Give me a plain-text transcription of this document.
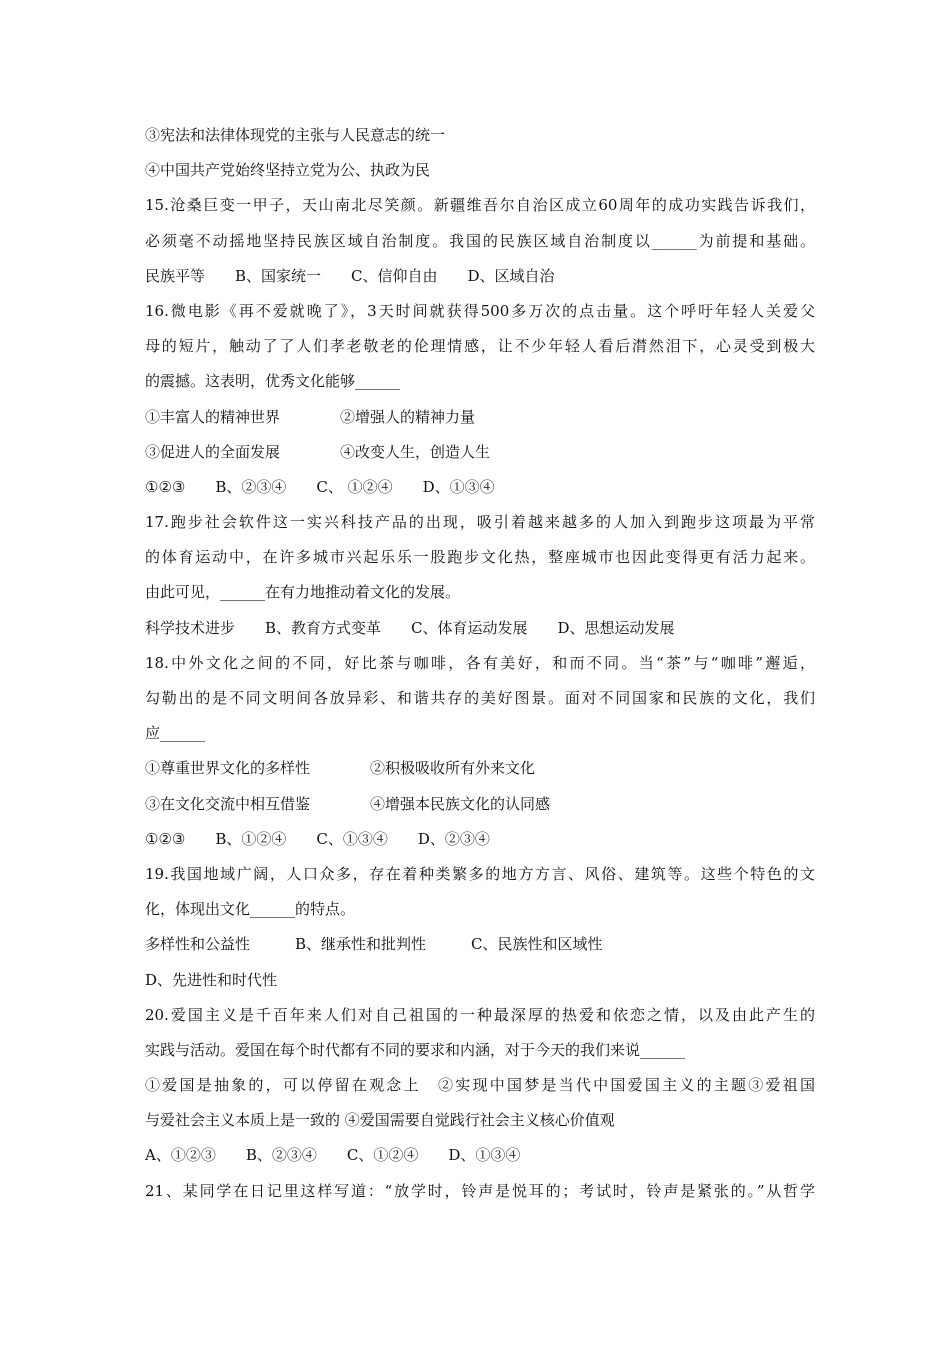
③宪法和法律体现党的主张与人民意志的统一
④中国共产党始终坚持立党为公、执政为民
15.沧桑巨变一甲子，天山南北尽笑颜。新疆维吾尔自治区成立60周年的成功实践告诉我们，
必须毫不动摇地坚持民族区域自治制度。我国的民族区域自治制度以______为前提和基础。
民族平等　　B、国家统一　　C、信仰自由　　D、区域自治
16.微电影《再不爱就晚了》，3天时间就获得500多万次的点击量。这个呼吁年轻人关爱父
母的短片，触动了了人们孝老敬老的伦理情感，让不少年轻人看后潸然泪下，心灵受到极大
的震撼。这表明，优秀文化能够______
①丰富人的精神世界　　　　②增强人的精神力量
③促进人的全面发展　　　　④改变人生，创造人生
①②③　　B、②③④　　C、 ①②④　　D、①③④
17.跑步社会软件这一实兴科技产品的出现，吸引着越来越多的人加入到跑步这项最为平常
的体育运动中，在许多城市兴起乐乐一股跑步文化热，整座城市也因此变得更有活力起来。
由此可见，______在有力地推动着文化的发展。
科学技术进步　　B、教育方式变革　　C、体育运动发展　　D、思想运动发展
18.中外文化之间的不同，好比茶与咖啡，各有美好，和而不同。当“茶”与“咖啡”邂逅，
勾勒出的是不同文明间各放异彩、和谐共存的美好图景。面对不同国家和民族的文化，我们
应______
①尊重世界文化的多样性　　　　②积极吸收所有外来文化
③在文化交流中相互借鉴　　　　④增强本民族文化的认同感
①②③　　B、①②④　　C、①③④　　D、②③④
19.我国地域广阔，人口众多，存在着种类繁多的地方方言、风俗、建筑等。这些个特色的文
化，体现出文化______的特点。
多样性和公益性　　　B、继承性和批判性　　　C、民族性和区域性
D、先进性和时代性
20.爱国主义是千百年来人们对自己祖国的一种最深厚的热爱和依恋之情，以及由此产生的
实践与活动。爱国在每个时代都有不同的要求和内涵，对于今天的我们来说______
①爱国是抽象的，可以停留在观念上　②实现中国梦是当代中国爱国主义的主题③爱祖国
与爱社会主义本质上是一致的 ④爱国需要自觉践行社会主义核心价值观
A、①②③　　B、②③④　　C、①②④　　D、①③④
21、某同学在日记里这样写道：“放学时，铃声是悦耳的；考试时，铃声是紧张的。”从哲学
